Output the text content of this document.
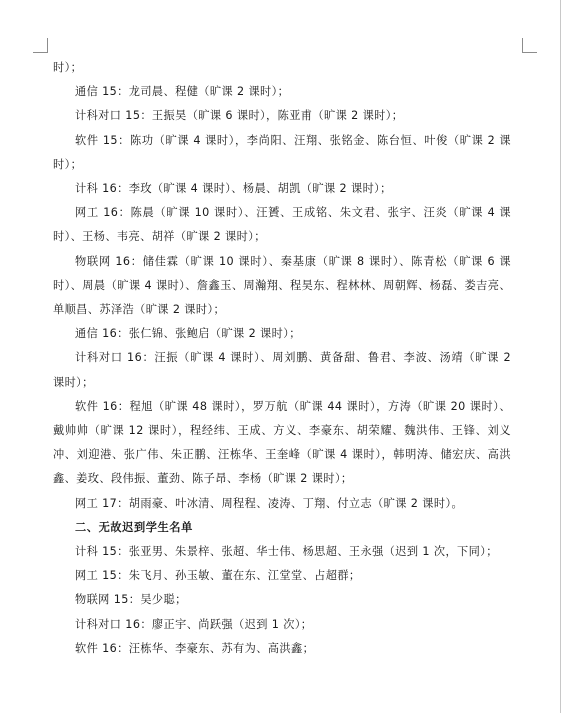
时）；

通信 15：龙司晨、程健（旷课 2 课时）；

计科对口 15：王振昊（旷课 6 课时），陈亚甫（旷课 2 课时）；

软件 15：陈功（旷课 4 课时），李尚阳、汪翔、张铭金、陈台恒、叶俊（旷课 2 课时）；

计科 16：李玫（旷课 4 课时）、杨晨、胡凯（旷课 2 课时）；

网工 16：陈晨（旷课 10 课时）、汪贇、王成铭、朱文君、张宇、汪炎（旷课 4 课时）、王杨、韦亮、胡祥（旷课 2 课时）；

物联网 16：储佳霖（旷课 10 课时）、秦基康（旷课 8 课时）、陈青松（旷课 6 课时）、周晨（旷课 4 课时）、詹鑫玉、周瀚翔、程昊东、程林林、周朝辉、杨磊、娄吉亮、单顺昌、苏泽浩（旷课 2 课时）；

通信 16：张仁锦、张鲍启（旷课 2 课时）；

计科对口 16：汪振（旷课 4 课时）、周刘鹏、黄备甜、鲁君、李波、汤靖（旷课 2 课时）；

软件 16：程旭（旷课 48 课时），罗万航（旷课 44 课时），方涛（旷课 20 课时）、戴帅帅（旷课 12 课时），程经纬、王成、方义、李豪东、胡荣耀、魏洪伟、王锋、刘义冲、刘迎港、张广伟、朱正鹏、汪栋华、王奎峰（旷课 4 课时），韩明涛、储宏庆、高洪鑫、姜玫、段伟振、董劲、陈子昂、李杨（旷课 2 课时）；

网工 17：胡雨豪、叶冰清、周程程、凌涛、丁翔、付立志（旷课 2 课时）。

二、无故迟到学生名单

计科 15：张亚男、朱景梓、张超、华士伟、杨思超、王永强（迟到 1 次，下同）；

网工 15：朱飞月、孙玉敏、董在东、江堂堂、占超群；

物联网 15：吴少聪；

计科对口 16：廖正宇、尚跃强（迟到 1 次）；

软件 16：汪栋华、李豪东、苏有为、高洪鑫；
